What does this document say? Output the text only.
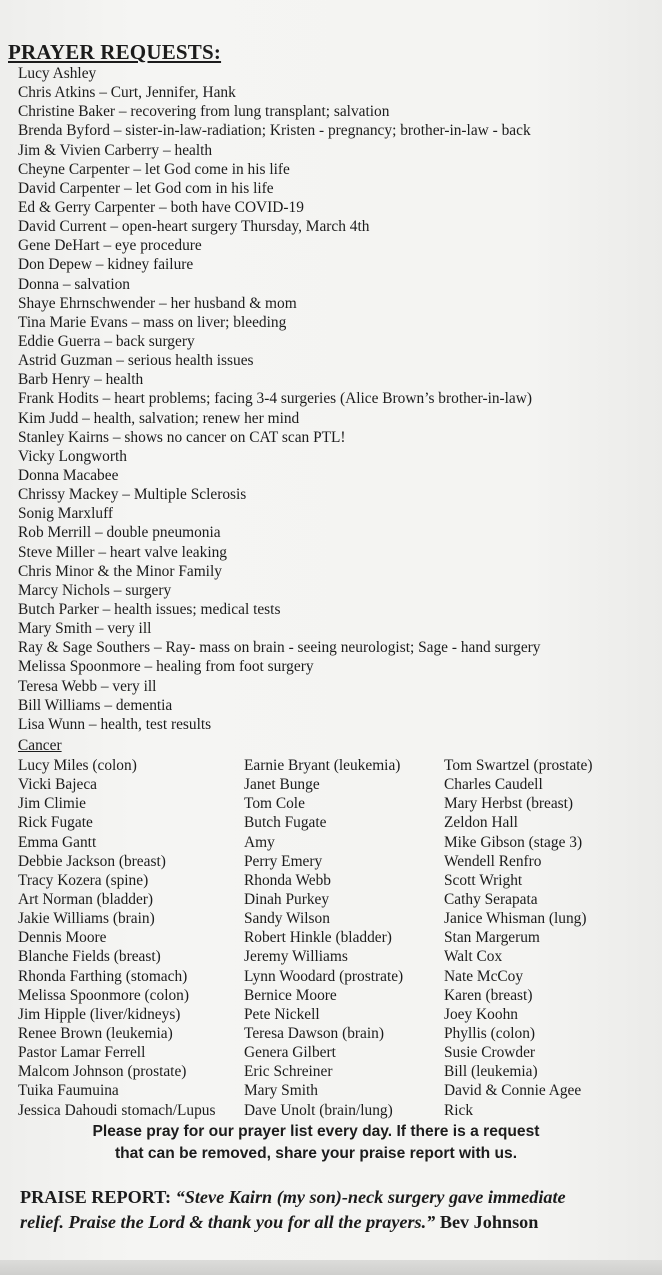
PRAYER REQUESTS:
Lucy Ashley
Chris Atkins – Curt, Jennifer, Hank
Christine Baker – recovering from lung transplant; salvation
Brenda Byford – sister-in-law-radiation; Kristen - pregnancy; brother-in-law - back
Jim & Vivien Carberry – health
Cheyne Carpenter – let God come in his life
David Carpenter – let God com in his life
Ed & Gerry Carpenter – both have COVID-19
David Current – open-heart surgery Thursday, March 4th
Gene DeHart – eye procedure
Don Depew – kidney failure
Donna – salvation
Shaye Ehrnschwender – her husband & mom
Tina Marie Evans – mass on liver; bleeding
Eddie Guerra – back surgery
Astrid Guzman – serious health issues
Barb Henry – health
Frank Hodits – heart problems; facing 3-4 surgeries (Alice Brown’s brother-in-law)
Kim Judd – health, salvation; renew her mind
Stanley Kairns – shows no cancer on CAT scan PTL!
Vicky Longworth
Donna Macabee
Chrissy Mackey – Multiple Sclerosis
Sonig Marxluff
Rob Merrill – double pneumonia
Steve Miller – heart valve leaking
Chris Minor & the Minor Family
Marcy Nichols – surgery
Butch Parker – health issues; medical tests
Mary Smith – very ill
Ray & Sage Southers – Ray- mass on brain - seeing neurologist; Sage - hand surgery
Melissa Spoonmore – healing from foot surgery
Teresa Webb – very ill
Bill Williams – dementia
Lisa Wunn – health, test results
Cancer
Lucy Miles (colon)
Vicki Bajeca
Jim Climie
Rick Fugate
Emma Gantt
Debbie Jackson (breast)
Tracy Kozera (spine)
Art Norman (bladder)
Jakie Williams (brain)
Dennis Moore
Blanche Fields (breast)
Rhonda Farthing (stomach)
Melissa Spoonmore (colon)
Jim Hipple (liver/kidneys)
Renee Brown (leukemia)
Pastor Lamar Ferrell
Malcom Johnson (prostate)
Tuika Faumuina
Jessica Dahoudi stomach/Lupus
Earnie Bryant (leukemia)
Janet Bunge
Tom Cole
Butch Fugate
Amy
Perry Emery
Rhonda Webb
Dinah Purkey
Sandy Wilson
Robert Hinkle (bladder)
Jeremy Williams
Lynn Woodard (prostrate)
Bernice Moore
Pete Nickell
Teresa Dawson (brain)
Genera Gilbert
Eric Schreiner
Mary Smith
Dave Unolt (brain/lung)
Tom Swartzel (prostate)
Charles Caudell
Mary Herbst (breast)
Zeldon Hall
Mike Gibson (stage 3)
Wendell Renfro
Scott Wright
Cathy Serapata
Janice Whisman (lung)
Stan Margerum
Walt Cox
Nate McCoy
Karen (breast)
Joey Koohn
Phyllis (colon)
Susie Crowder
Bill (leukemia)
David & Connie Agee
Rick
Please pray for our prayer list every day. If there is a request
that can be removed, share your praise report with us.
PRAISE REPORT: “Steve Kairn (my son)-neck surgery gave immediate
relief. Praise the Lord & thank you for all the prayers.” Bev Johnson
